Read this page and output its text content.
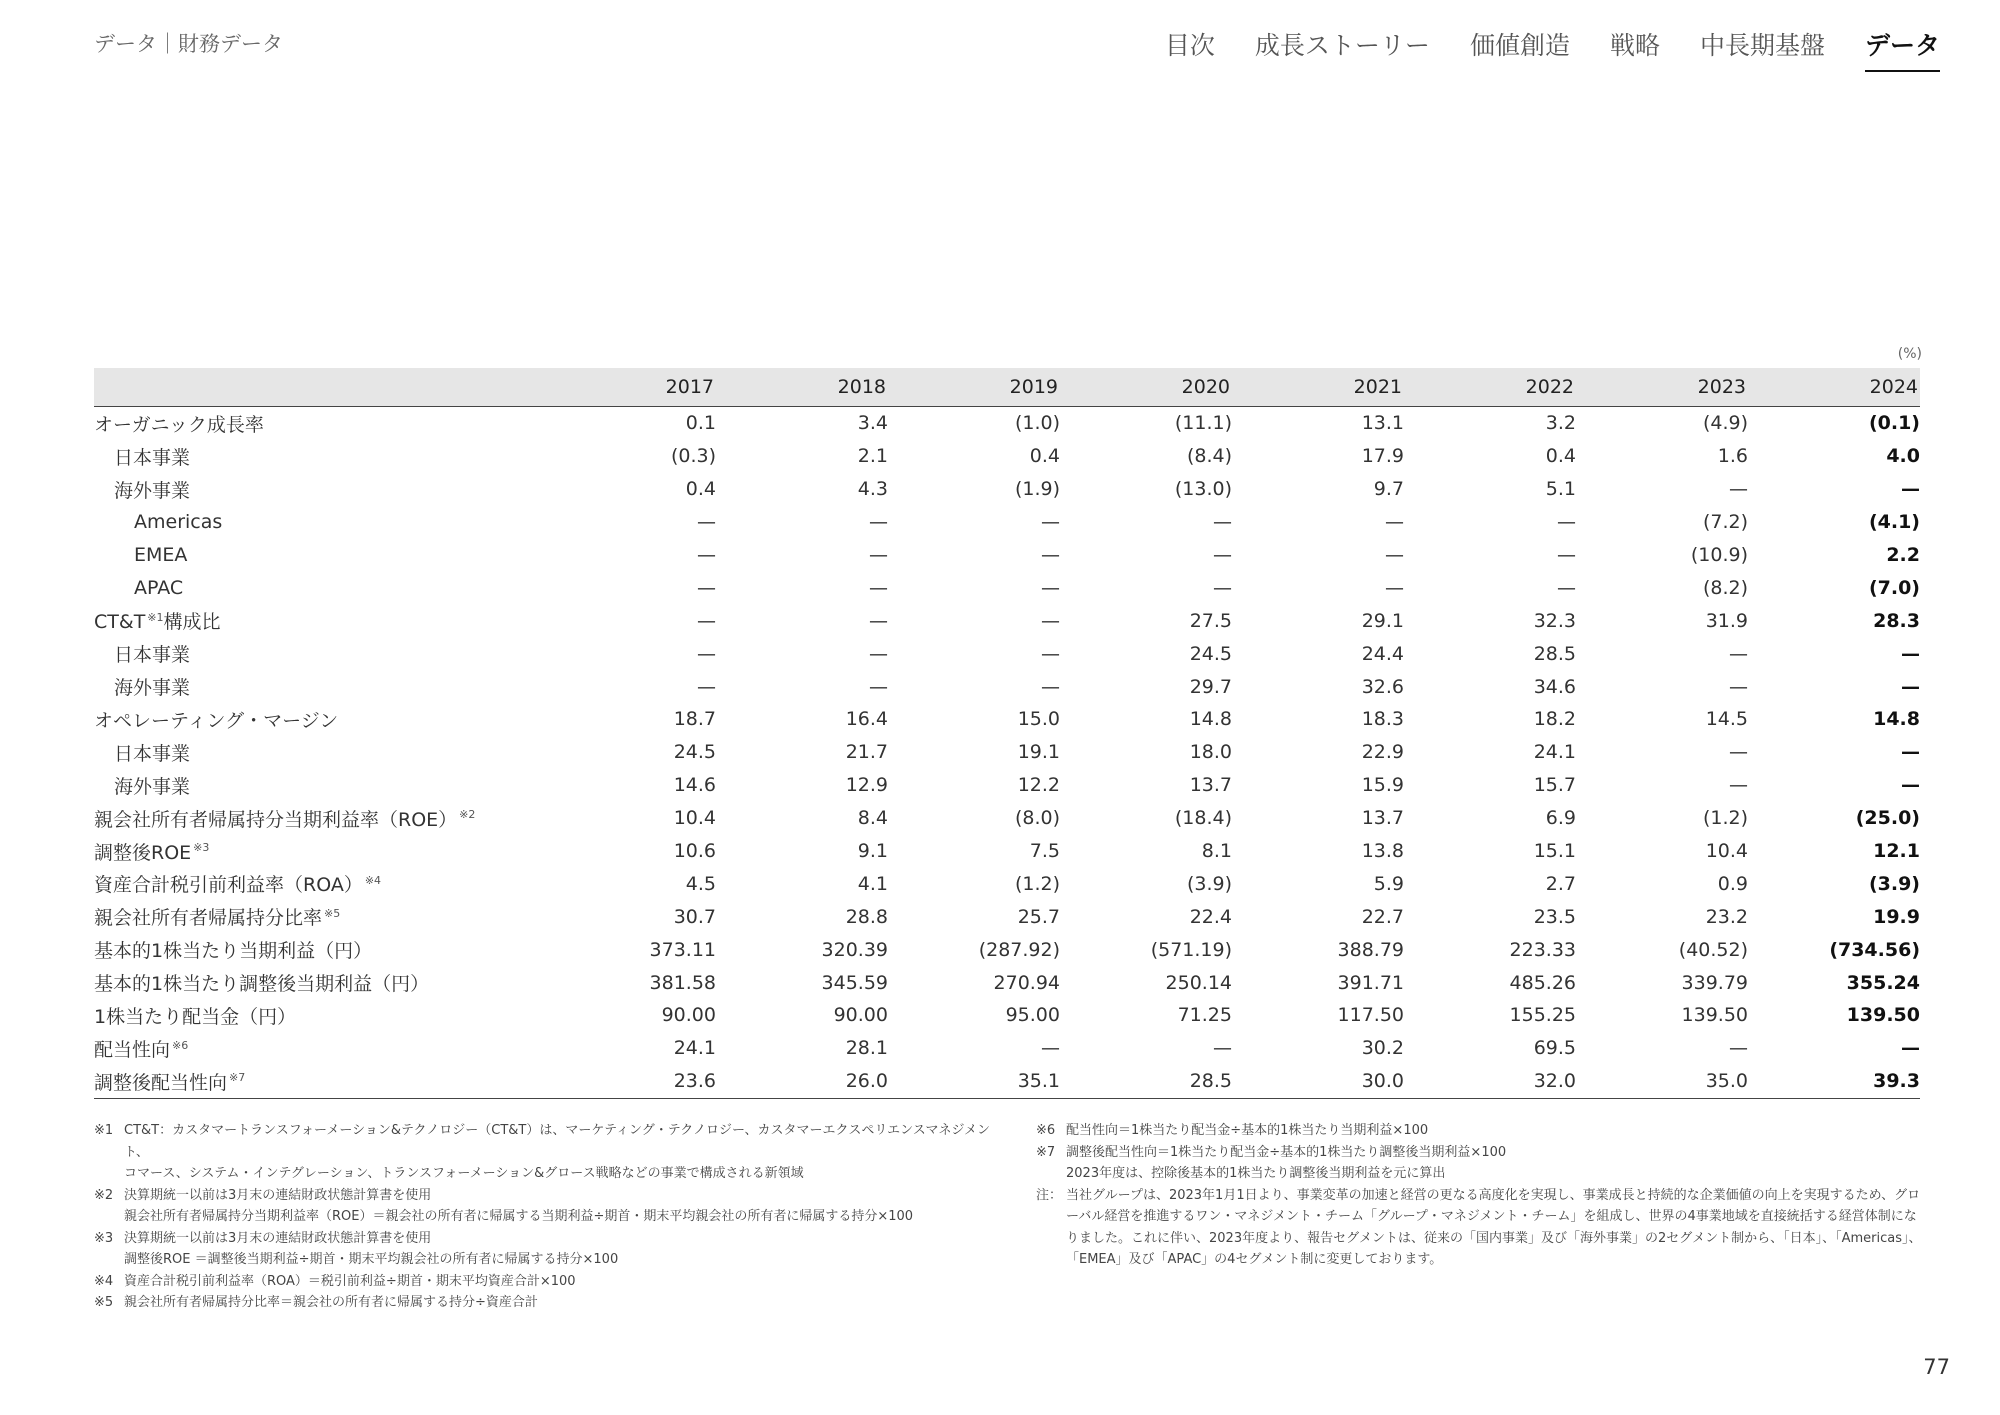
データ｜財務データ	目次 成長ストーリー 価値創造 戦略 中長期基盤 データ
(%)
	2017	2018	2019	2020	2021	2022	2023	2024
オーガニック成長率	0.1	3.4	(1.0)	(11.1)	13.1	3.2	(4.9)	(0.1)
日本事業	(0.3)	2.1	0.4	(8.4)	17.9	0.4	1.6	4.0
海外事業	0.4	4.3	(1.9)	(13.0)	9.7	5.1	—	—
Americas	—	—	—	—	—	—	(7.2)	(4.1)
EMEA	—	—	—	—	—	—	(10.9)	2.2
APAC	—	—	—	—	—	—	(8.2)	(7.0)
CT&T $^{※1}$構成比	—	—	—	27.5	29.1	32.3	31.9	28.3
日本事業	—	—	—	24.5	24.4	28.5	—	—
海外事業	—	—	—	29.7	32.6	34.6	—	—
オペレーティング・マージン	18.7	16.4	15.0	14.8	18.3	18.2	14.5	14.8
日本事業	24.5	21.7	19.1	18.0	22.9	24.1	—	—
海外事業	14.6	12.9	12.2	13.7	15.9	15.7	—	—
親会社所有者帰属持分当期利益率（ROE） $^{※2}$	10.4	8.4	(8.0)	(18.4)	13.7	6.9	(1.2)	(25.0)
調整後ROE $^{※3}$	10.6	9.1	7.5	8.1	13.8	15.1	10.4	12.1
資産合計税引前利益率（ROA） $^{※4}$	4.5	4.1	(1.2)	(3.9)	5.9	2.7	0.9	(3.9)
親会社所有者帰属持分比率 $^{※5}$	30.7	28.8	25.7	22.4	22.7	23.5	23.2	19.9
基本的1株当たり当期利益（円）	373.11	320.39	(287.92)	(571.19)	388.79	223.33	(40.52)	(734.56)
基本的1株当たり調整後当期利益（円）	381.58	345.59	270.94	250.14	391.71	485.26	339.79	355.24
1株当たり配当金（円）	90.00	90.00	95.00	71.25	117.50	155.25	139.50	139.50
配当性向 $^{※6}$	24.1	28.1	—	—	30.2	69.5	—	—
調整後配当性向 $^{※7}$	23.6	26.0	35.1	28.5	30.0	32.0	35.0	39.3
※1 CT&T：カスタマートランスフォーメーション&テクノロジー（CT&T）は、マーケティング・テクノロジー、カスタマーエクスペリエンスマネジメント、
コマース、システム・インテグレーション、トランスフォーメーション&グロース戦略などの事業で構成される新領域
※2 決算期統一以前は3月末の連結財政状態計算書を使用
親会社所有者帰属持分当期利益率（ROE）＝親会社の所有者に帰属する当期利益÷期首・期末平均親会社の所有者に帰属する持分×100
※3 決算期統一以前は3月末の連結財政状態計算書を使用
調整後ROE ＝調整後当期利益÷期首・期末平均親会社の所有者に帰属する持分×100
※4 資産合計税引前利益率（ROA）＝税引前利益÷期首・期末平均資産合計×100
※5 親会社所有者帰属持分比率＝親会社の所有者に帰属する持分÷資産合計
※6 配当性向＝1株当たり配当金÷基本的1株当たり当期利益×100
※7 調整後配当性向＝1株当たり配当金÷基本的1株当たり調整後当期利益×100
2023年度は、控除後基本的1株当たり調整後当期利益を元に算出
注： 当社グループは、2023年1月1日より、事業変革の加速と経営の更なる高度化を実現し、事業成長と持続的な企業価値の向上を実現するため、グローバル経営を推進するワン・マネジメント・チーム「グループ・マネジメント・チーム」を組成し、世界の4事業地域を直接統括する経営体制になりました。これに伴い、2023年度より、報告セグメントは、従来の「国内事業」及び「海外事業」の2セグメント制から、「日本」、「Americas」、「EMEA」及び「APAC」の4セグメント制に変更しております。
77
